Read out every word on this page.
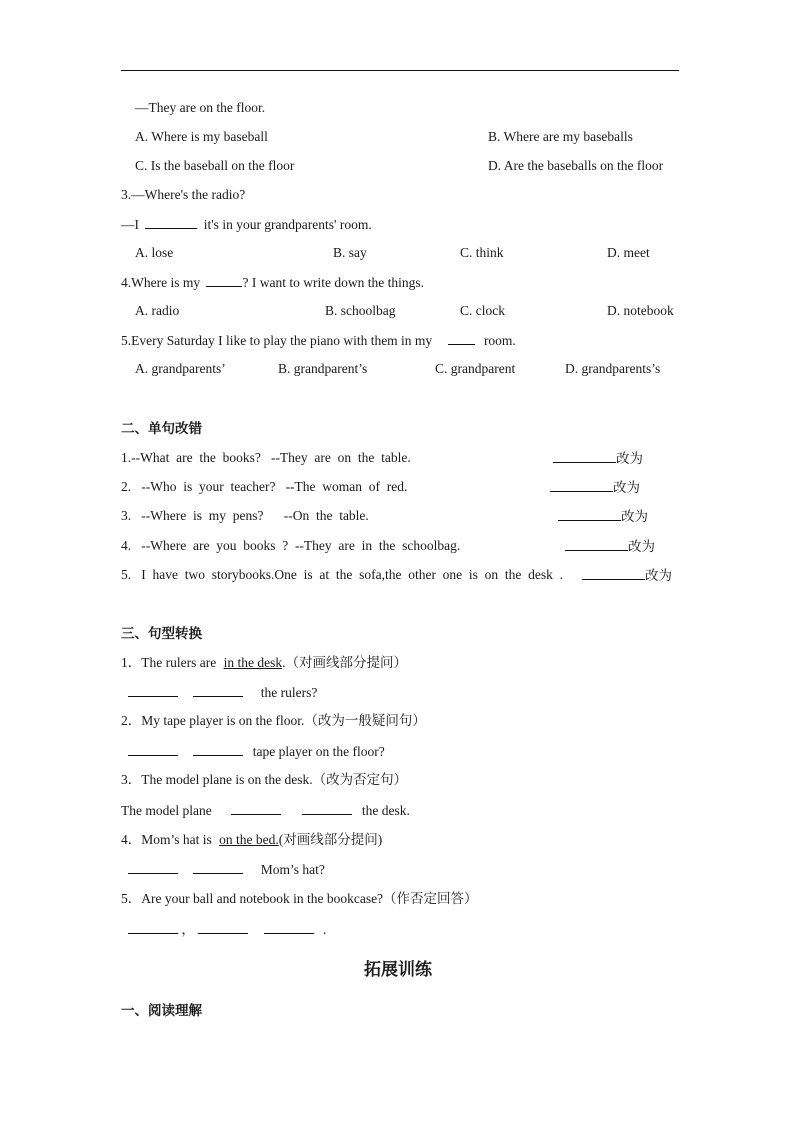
—They are on the floor.
A. Where is my baseball	B. Where are my baseballs
C. Is the baseball on the floor	D. Are the baseballs on the floor
3.—Where's the radio?
—I	it's in your grandparents' room.
A. lose	B. say	C. think	D. meet
4.Where is my	? I want to write down the things.
A. radio	B. schoolbag	C. clock	D. notebook
5.Every Saturday I like to play the piano with them in my	room.
A. grandparents’	B. grandparent’s	C. grandparent	D. grandparents’s
二、单句改错
1.--What  are  the  books?   --They  are  on  the  table.	改为
2.   --Who  is  your  teacher?   --The  woman  of  red.	改为
3.   --Where  is  my  pens?      --On  the  table.	改为
4.   --Where  are  you  books  ?  --They  are  in  the  schoolbag.	改为
5.   I  have  two  storybooks.One  is  at  the  sofa,the  other  one  is  on  the  desk  .	改为
三、句型转换
1．The rulers are in the desk.（对画线部分提问）
the rulers?
2．My tape player is on the floor.（改为一般疑问句）
tape player on the floor?
3．The model plane is on the desk.（改为否定句）
The model plane	the desk.
4．Mom’s hat is on the bed.(对画线部分提问)
Mom’s hat?
5．Are your ball and notebook in the bookcase?（作否定回答）
，	.
拓展训练
一、阅读理解
